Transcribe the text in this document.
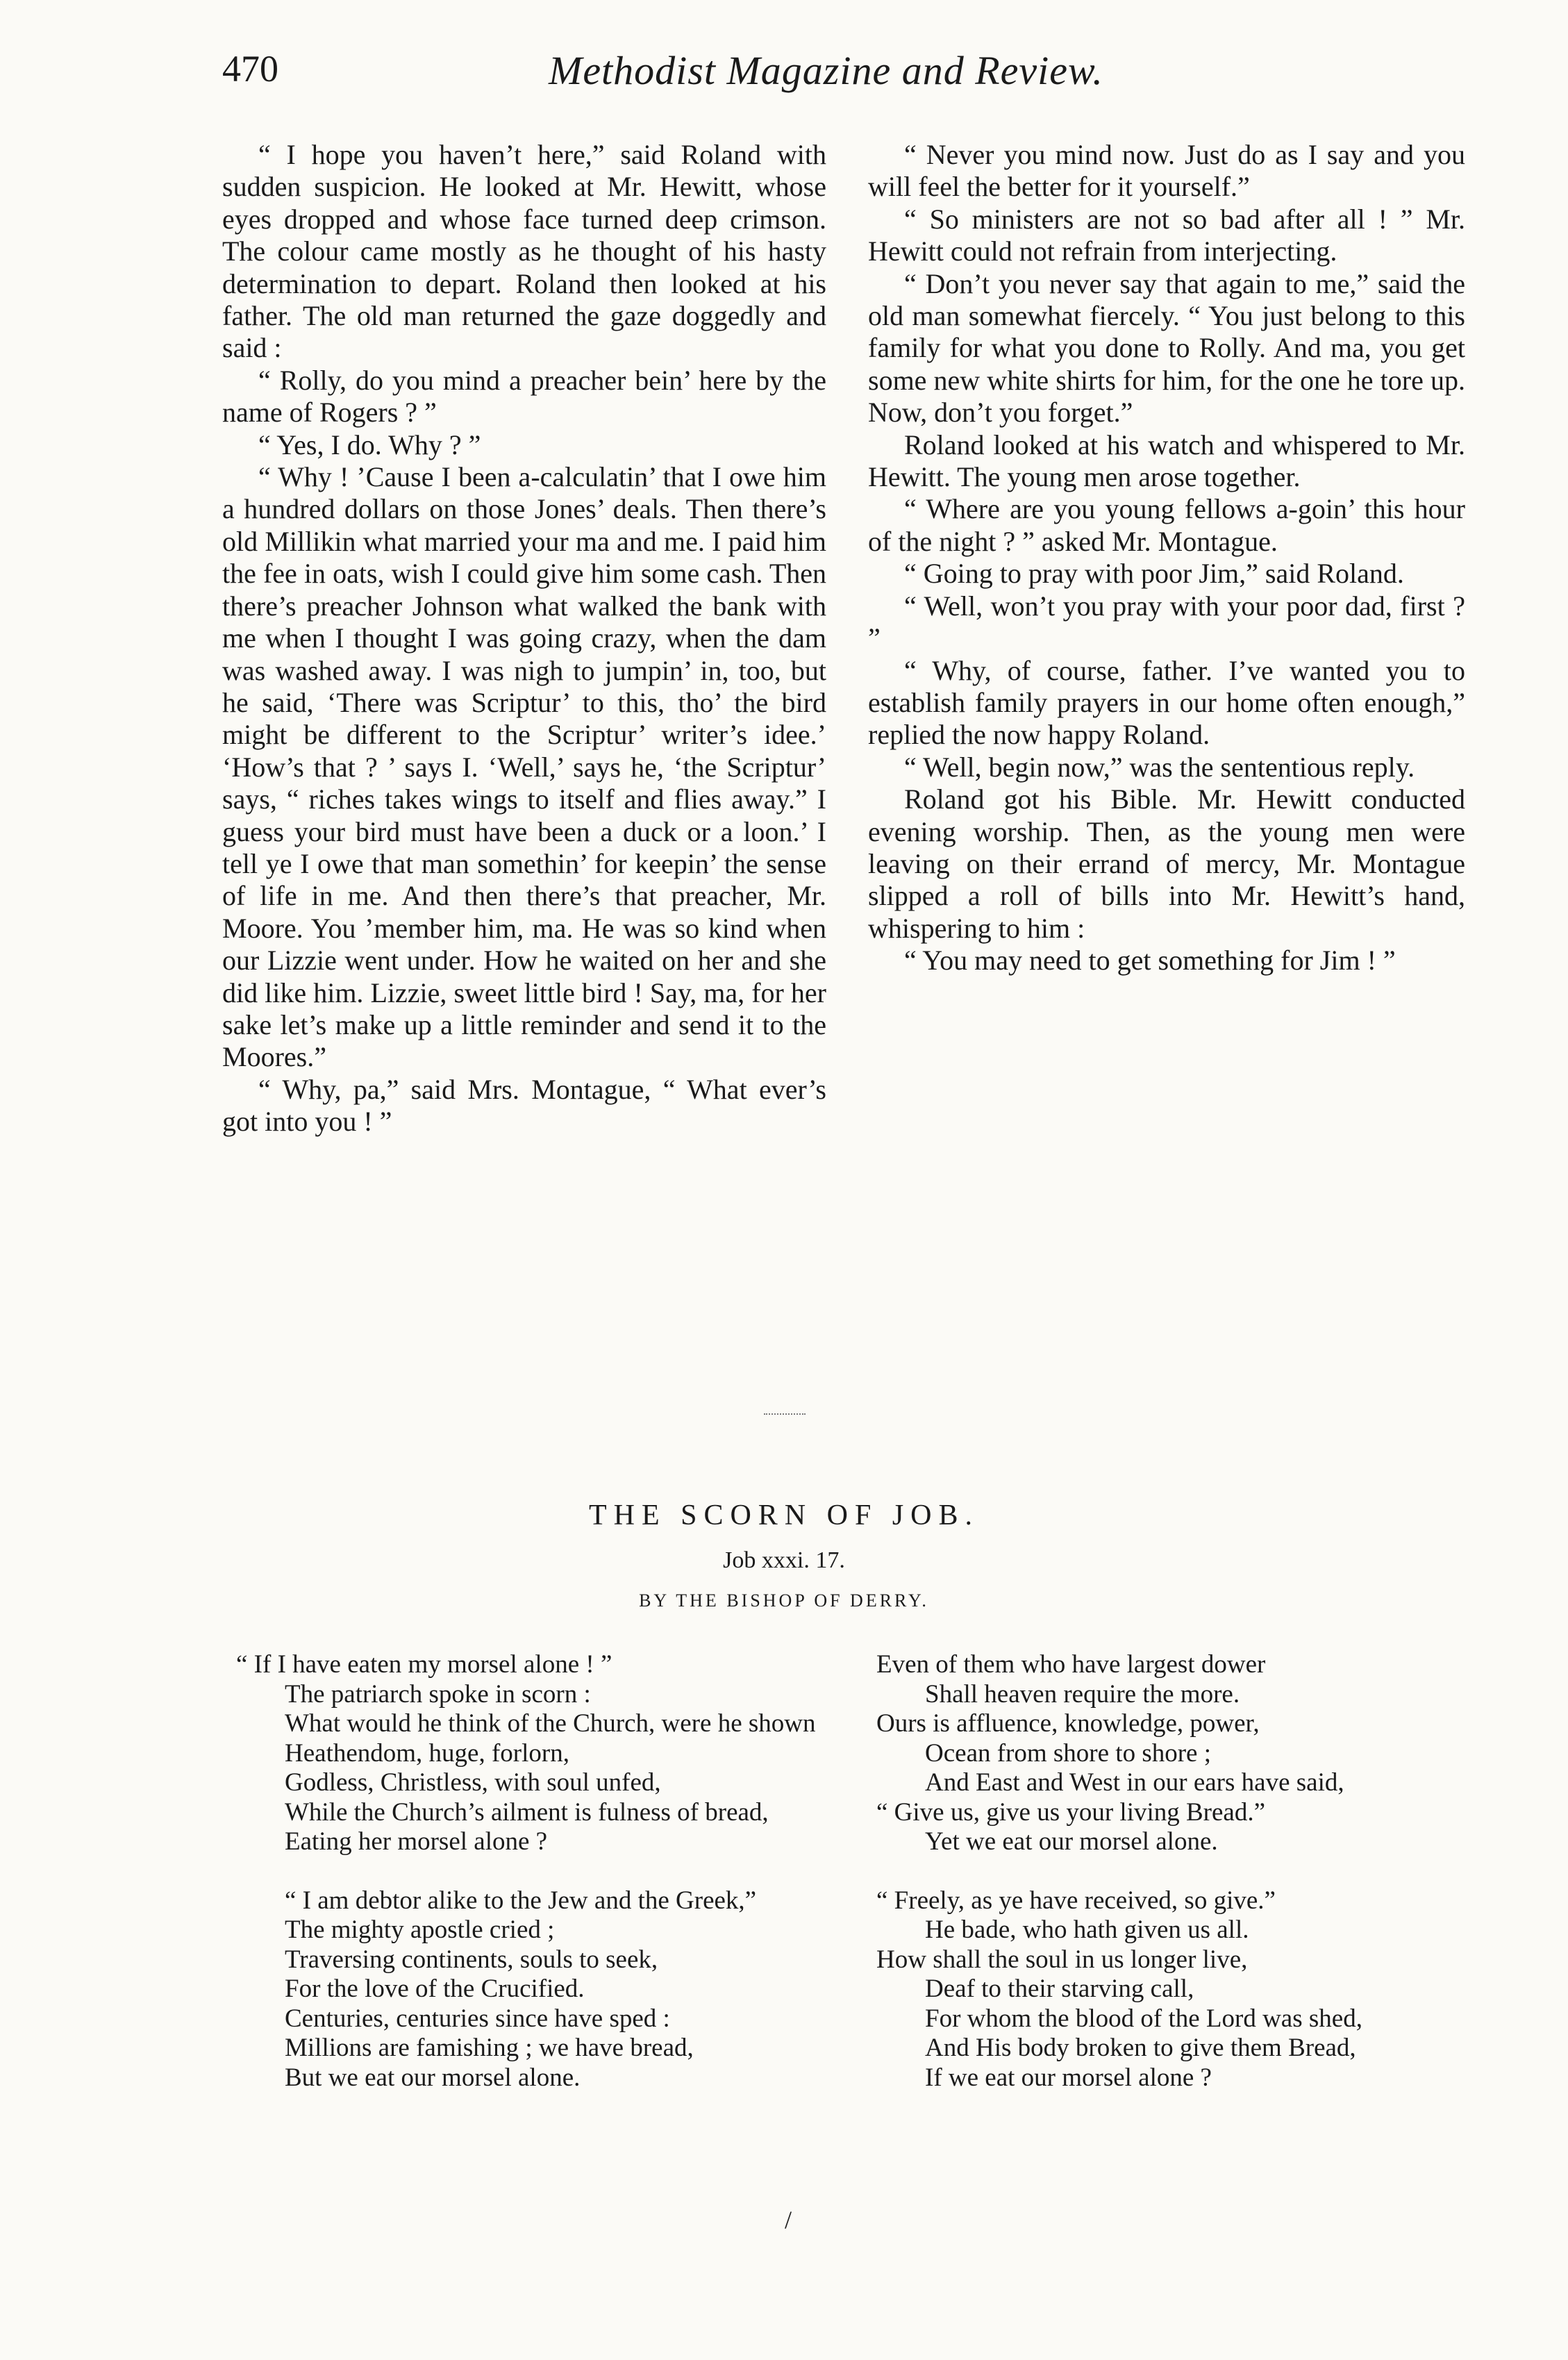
470	Methodist Magazine and Review.

“ I hope you haven’t here,” said Roland with sudden suspicion. He looked at Mr. Hewitt, whose eyes dropped and whose face turned deep crimson. The colour came mostly as he thought of his hasty determination to depart. Roland then looked at his father. The old man returned the gaze doggedly and said :

“ Rolly, do you mind a preacher bein’ here by the name of Rogers ? ”

“ Yes, I do. Why ? ”

“ Why ! ’Cause I been a-calculatin’ that I owe him a hundred dollars on those Jones’ deals. Then there’s old Millikin what married your ma and me. I paid him the fee in oats, wish I could give him some cash. Then there’s preacher Johnson what walked the bank with me when I thought I was going crazy, when the dam was washed away. I was nigh to jumpin’ in, too, but he said, ‘There was Scriptur’ to this, tho’ the bird might be different to the Scriptur’ writer’s idee.’ ‘How’s that ? ’ says I. ‘Well,’ says he, ‘the Scriptur’ says, “ riches takes wings to itself and flies away.” I guess your bird must have been a duck or a loon.’ I tell ye I owe that man somethin’ for keepin’ the sense of life in me. And then there’s that preacher, Mr. Moore. You ’member him, ma. He was so kind when our Lizzie went under. How he waited on her and she did like him. Lizzie, sweet little bird ! Say, ma, for her sake let’s make up a little reminder and send it to the Moores.”

“ Why, pa,” said Mrs. Montague, “ What ever’s got into you ! ”

“ Never you mind now. Just do as I say and you will feel the better for it yourself.”

“ So ministers are not so bad after all ! ” Mr. Hewitt could not refrain from interjecting.

“ Don’t you never say that again to me,” said the old man somewhat fiercely. “ You just belong to this family for what you done to Rolly. And ma, you get some new white shirts for him, for the one he tore up. Now, don’t you forget.”

Roland looked at his watch and whispered to Mr. Hewitt. The young men arose together.

“ Where are you young fellows a-goin’ this hour of the night ? ” asked Mr. Montague.

“ Going to pray with poor Jim,” said Roland.

“ Well, won’t you pray with your poor dad, first ? ”

“ Why, of course, father. I’ve wanted you to establish family prayers in our home often enough,” replied the now happy Roland.

“ Well, begin now,” was the sententious reply.

Roland got his Bible. Mr. Hewitt conducted evening worship. Then, as the young men were leaving on their errand of mercy, Mr. Montague slipped a roll of bills into Mr. Hewitt’s hand, whispering to him :

“ You may need to get something for Jim ! ”

THE SCORN OF JOB.
Job xxxi. 17.
BY THE BISHOP OF DERRY.
“ If I have eaten my morsel alone ! ”
The patriarch spoke in scorn :
What would he think of the Church, were he shown
Heathendom, huge, forlorn,
Godless, Christless, with soul unfed,
While the Church’s ailment is fulness of bread,
Eating her morsel alone ?
“ I am debtor alike to the Jew and the Greek,”
The mighty apostle cried ;
Traversing continents, souls to seek,
For the love of the Crucified.
Centuries, centuries since have sped :
Millions are famishing ; we have bread,
But we eat our morsel alone.
Even of them who have largest dower
Shall heaven require the more.
Ours is affluence, knowledge, power,
Ocean from shore to shore ;
And East and West in our ears have said,
“ Give us, give us your living Bread.”
Yet we eat our morsel alone.
“ Freely, as ye have received, so give.”
He bade, who hath given us all.
How shall the soul in us longer live,
Deaf to their starving call,
For whom the blood of the Lord was shed,
And His body broken to give them Bread,
If we eat our morsel alone ?
/
